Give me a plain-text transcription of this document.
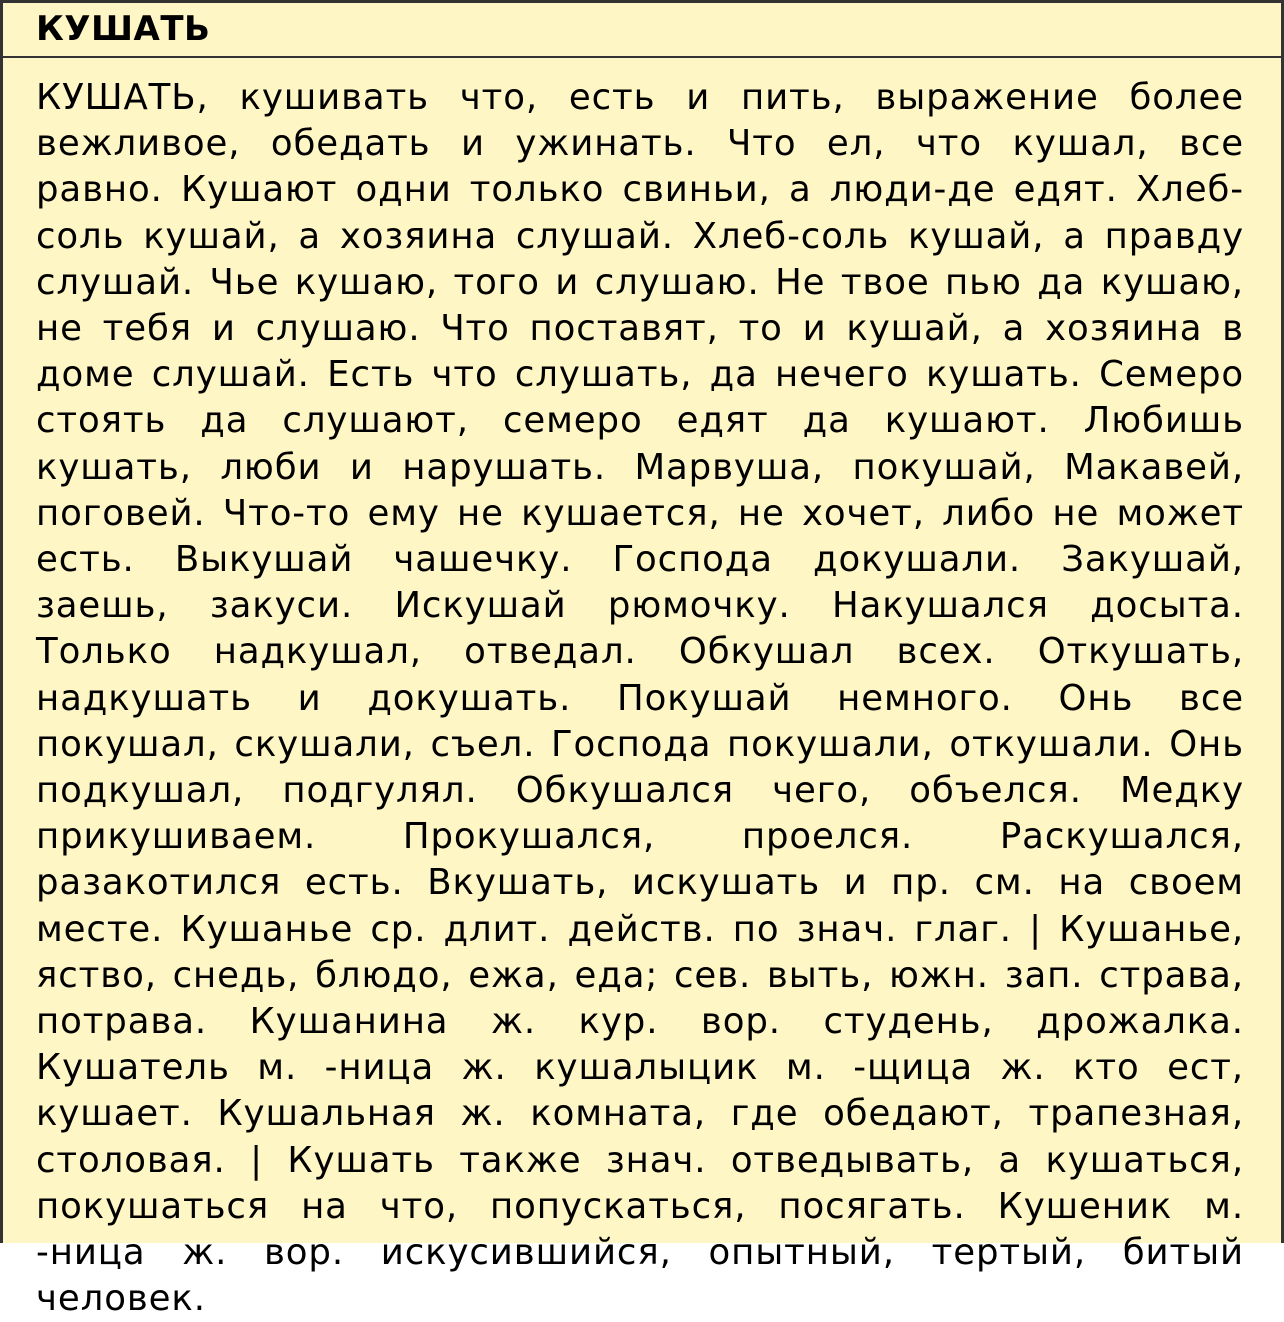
КУШАТЬ

КУШАТЬ, кушивать что, есть и пить, выражение более вежливое, обедать и ужинать. Что ел, что кушал, все равно. Кушают одни только свиньи, а люди-де едят. Хлеб-соль кушай, а хозяина слушай. Хлеб-соль кушай, а правду слушай. Чье кушаю, того и слушаю. Не твое пью да кушаю, не тебя и слушаю. Что поставят, то и кушай, а хозяина в доме слушай. Есть что слушать, да нечего кушать. Семеро стоять да слушают, семеро едят да кушают. Любишь кушать, люби и нарушать. Марвуша, покушай, Макавей, поговей. Что-то ему не кушается, не хочет, либо не может есть. Выкушай чашечку. Господа докушали. Закушай, заешь, закуси. Искушай рюмочку. Накушался досыта. Только надкушал, отведал. Обкушал всех. Откушать, надкушать и докушать. Покушай немного. Онь все покушал, скушали, съел. Господа покушали, откушали. Онь подкушал, подгулял. Обкушался чего, объелся. Медку прикушиваем. Прокушался, проелся. Раскушался, разакотился есть. Вкушать, искушать и пр. см. на своем месте. Кушанье ср. длит. действ. по знач. глаг. | Кушанье, яство, снедь, блюдо, ежа, еда; сев. выть, южн. зап. страва, потрава. Кушанина ж. кур. вор. студень, дрожалка. Кушатель м. -ница ж. кушалыцик м. -щица ж. кто ест, кушает. Кушальная ж. комната, где обедают, трапезная, столовая. | Кушать также знач. отведывать, а кушаться, покушаться на что, попускаться, посягать. Кушеник м. -ница ж. вор. искусившийся, опытный, тертый, битый человек.
